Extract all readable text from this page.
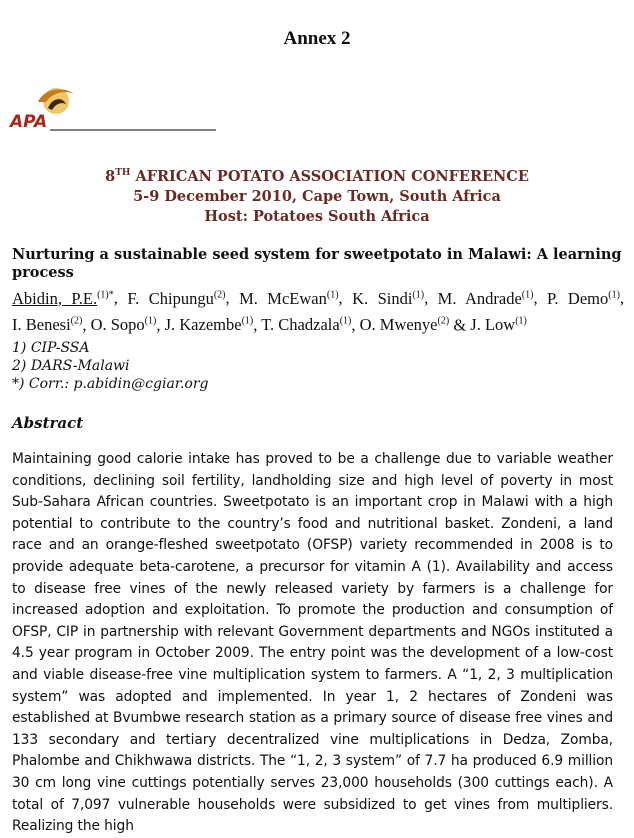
Annex 2
APA
8TH AFRICAN POTATO ASSOCIATION CONFERENCE
5-9 December 2010, Cape Town, South Africa
Host: Potatoes South Africa
Nurturing a sustainable seed system for sweetpotato in Malawi: A learning process
Abidin, P.E.$^{(1)*}$, F. Chipungu$^{(2)}$, M. McEwan$^{(1)}$, K. Sindi$^{(1)}$, M. Andrade$^{(1)}$, P. Demo$^{(1)}$, I. Benesi$^{(2)}$, O. Sopo$^{(1)}$, J. Kazembe$^{(1)}$, T. Chadzala$^{(1)}$, O. Mwenye$^{(2)}$ & J. Low$^{(1)}$
1) CIP-SSA
2) DARS-Malawi
*) Corr.: p.abidin@cgiar.org
Abstract
Maintaining good calorie intake has proved to be a challenge due to variable weather conditions, declining soil fertility, landholding size and high level of poverty in most Sub-Sahara African countries. Sweetpotato is an important crop in Malawi with a high potential to contribute to the country’s food and nutritional basket. Zondeni, a land race and an orange-fleshed sweetpotato (OFSP) variety recommended in 2008 is to provide adequate beta-carotene, a precursor for vitamin A (1). Availability and access to disease free vines of the newly released variety by farmers is a challenge for increased adoption and exploitation. To promote the production and consumption of OFSP, CIP in partnership with relevant Government departments and NGOs instituted a 4.5 year program in October 2009. The entry point was the development of a low-cost and viable disease-free vine multiplication system to farmers. A “1, 2, 3 multiplication system” was adopted and implemented. In year 1, 2 hectares of Zondeni was established at Bvumbwe research station as a primary source of disease free vines and 133 secondary and tertiary decentralized vine multiplications in Dedza, Zomba, Phalombe and Chikhwawa districts. The “1, 2, 3 system” of 7.7 ha produced 6.9 million 30 cm long vine cuttings potentially serves 23,000 households (300 cuttings each). A total of 7,097 vulnerable households were subsidized to get vines from multipliers. Realizing the high
